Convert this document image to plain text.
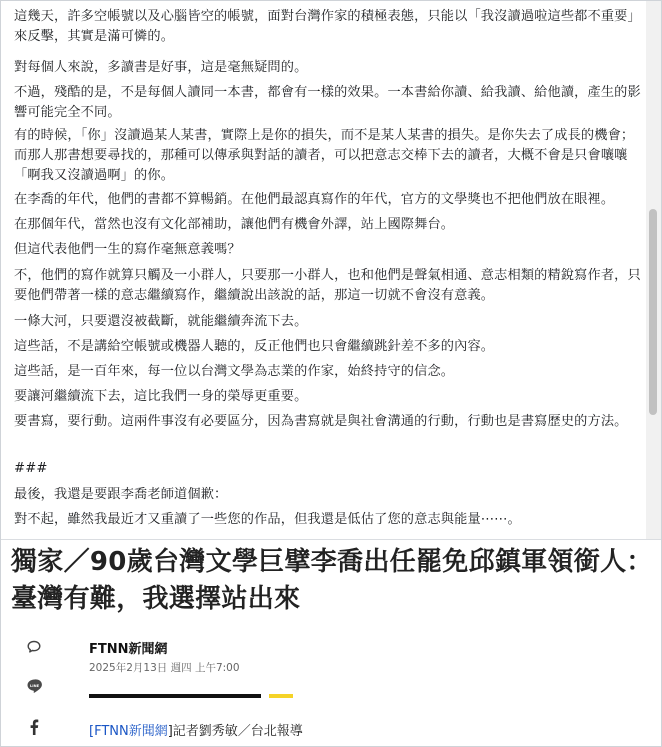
這幾天，許多空帳號以及心腦皆空的帳號，面對台灣作家的積極表態，只能以「我沒讀過啦這些都不重要」來反擊，其實是滿可憐的。

對每個人來說，多讀書是好事，這是毫無疑問的。

不過，殘酷的是，不是每個人讀同一本書，都會有一樣的效果。一本書給你讀、給我讀、給他讀，產生的影響可能完全不同。

有的時候，「你」沒讀過某人某書，實際上是你的損失，而不是某人某書的損失。是你失去了成長的機會；而那人那書想要尋找的，那種可以傳承與對話的讀者，可以把意志交棒下去的讀者，大概不會是只會嚷嚷「啊我又沒讀過啊」的你。

在李喬的年代，他們的書都不算暢銷。在他們最認真寫作的年代，官方的文學獎也不把他們放在眼裡。

在那個年代，當然也沒有文化部補助，讓他們有機會外譯，站上國際舞台。

但這代表他們一生的寫作毫無意義嗎？

不，他們的寫作就算只觸及一小群人，只要那一小群人，也和他們是聲氣相通、意志相類的精銳寫作者，只要他們帶著一樣的意志繼續寫作，繼續說出該說的話，那這一切就不會沒有意義。

一條大河，只要還沒被截斷，就能繼續奔流下去。

這些話，不是講給空帳號或機器人聽的，反正他們也只會繼續跳針差不多的內容。

這些話，是一百年來，每一位以台灣文學為志業的作家，始終持守的信念。

要讓河繼續流下去，這比我們一身的榮辱更重要。

要書寫，要行動。這兩件事沒有必要區分，因為書寫就是與社會溝通的行動，行動也是書寫歷史的方法。

###

最後，我還是要跟李喬老師道個歉：

對不起，雖然我最近才又重讀了一些您的作品，但我還是低估了您的意志與能量⋯⋯。

獨家／90歲台灣文學巨擘李喬出任罷免邱鎮軍領銜人：臺灣有難，我選擇站出來
LINE
FTNN新聞網
2025年2月13日 週四 上午7:00
[FTNN新聞網]記者劉秀敏／台北報導
